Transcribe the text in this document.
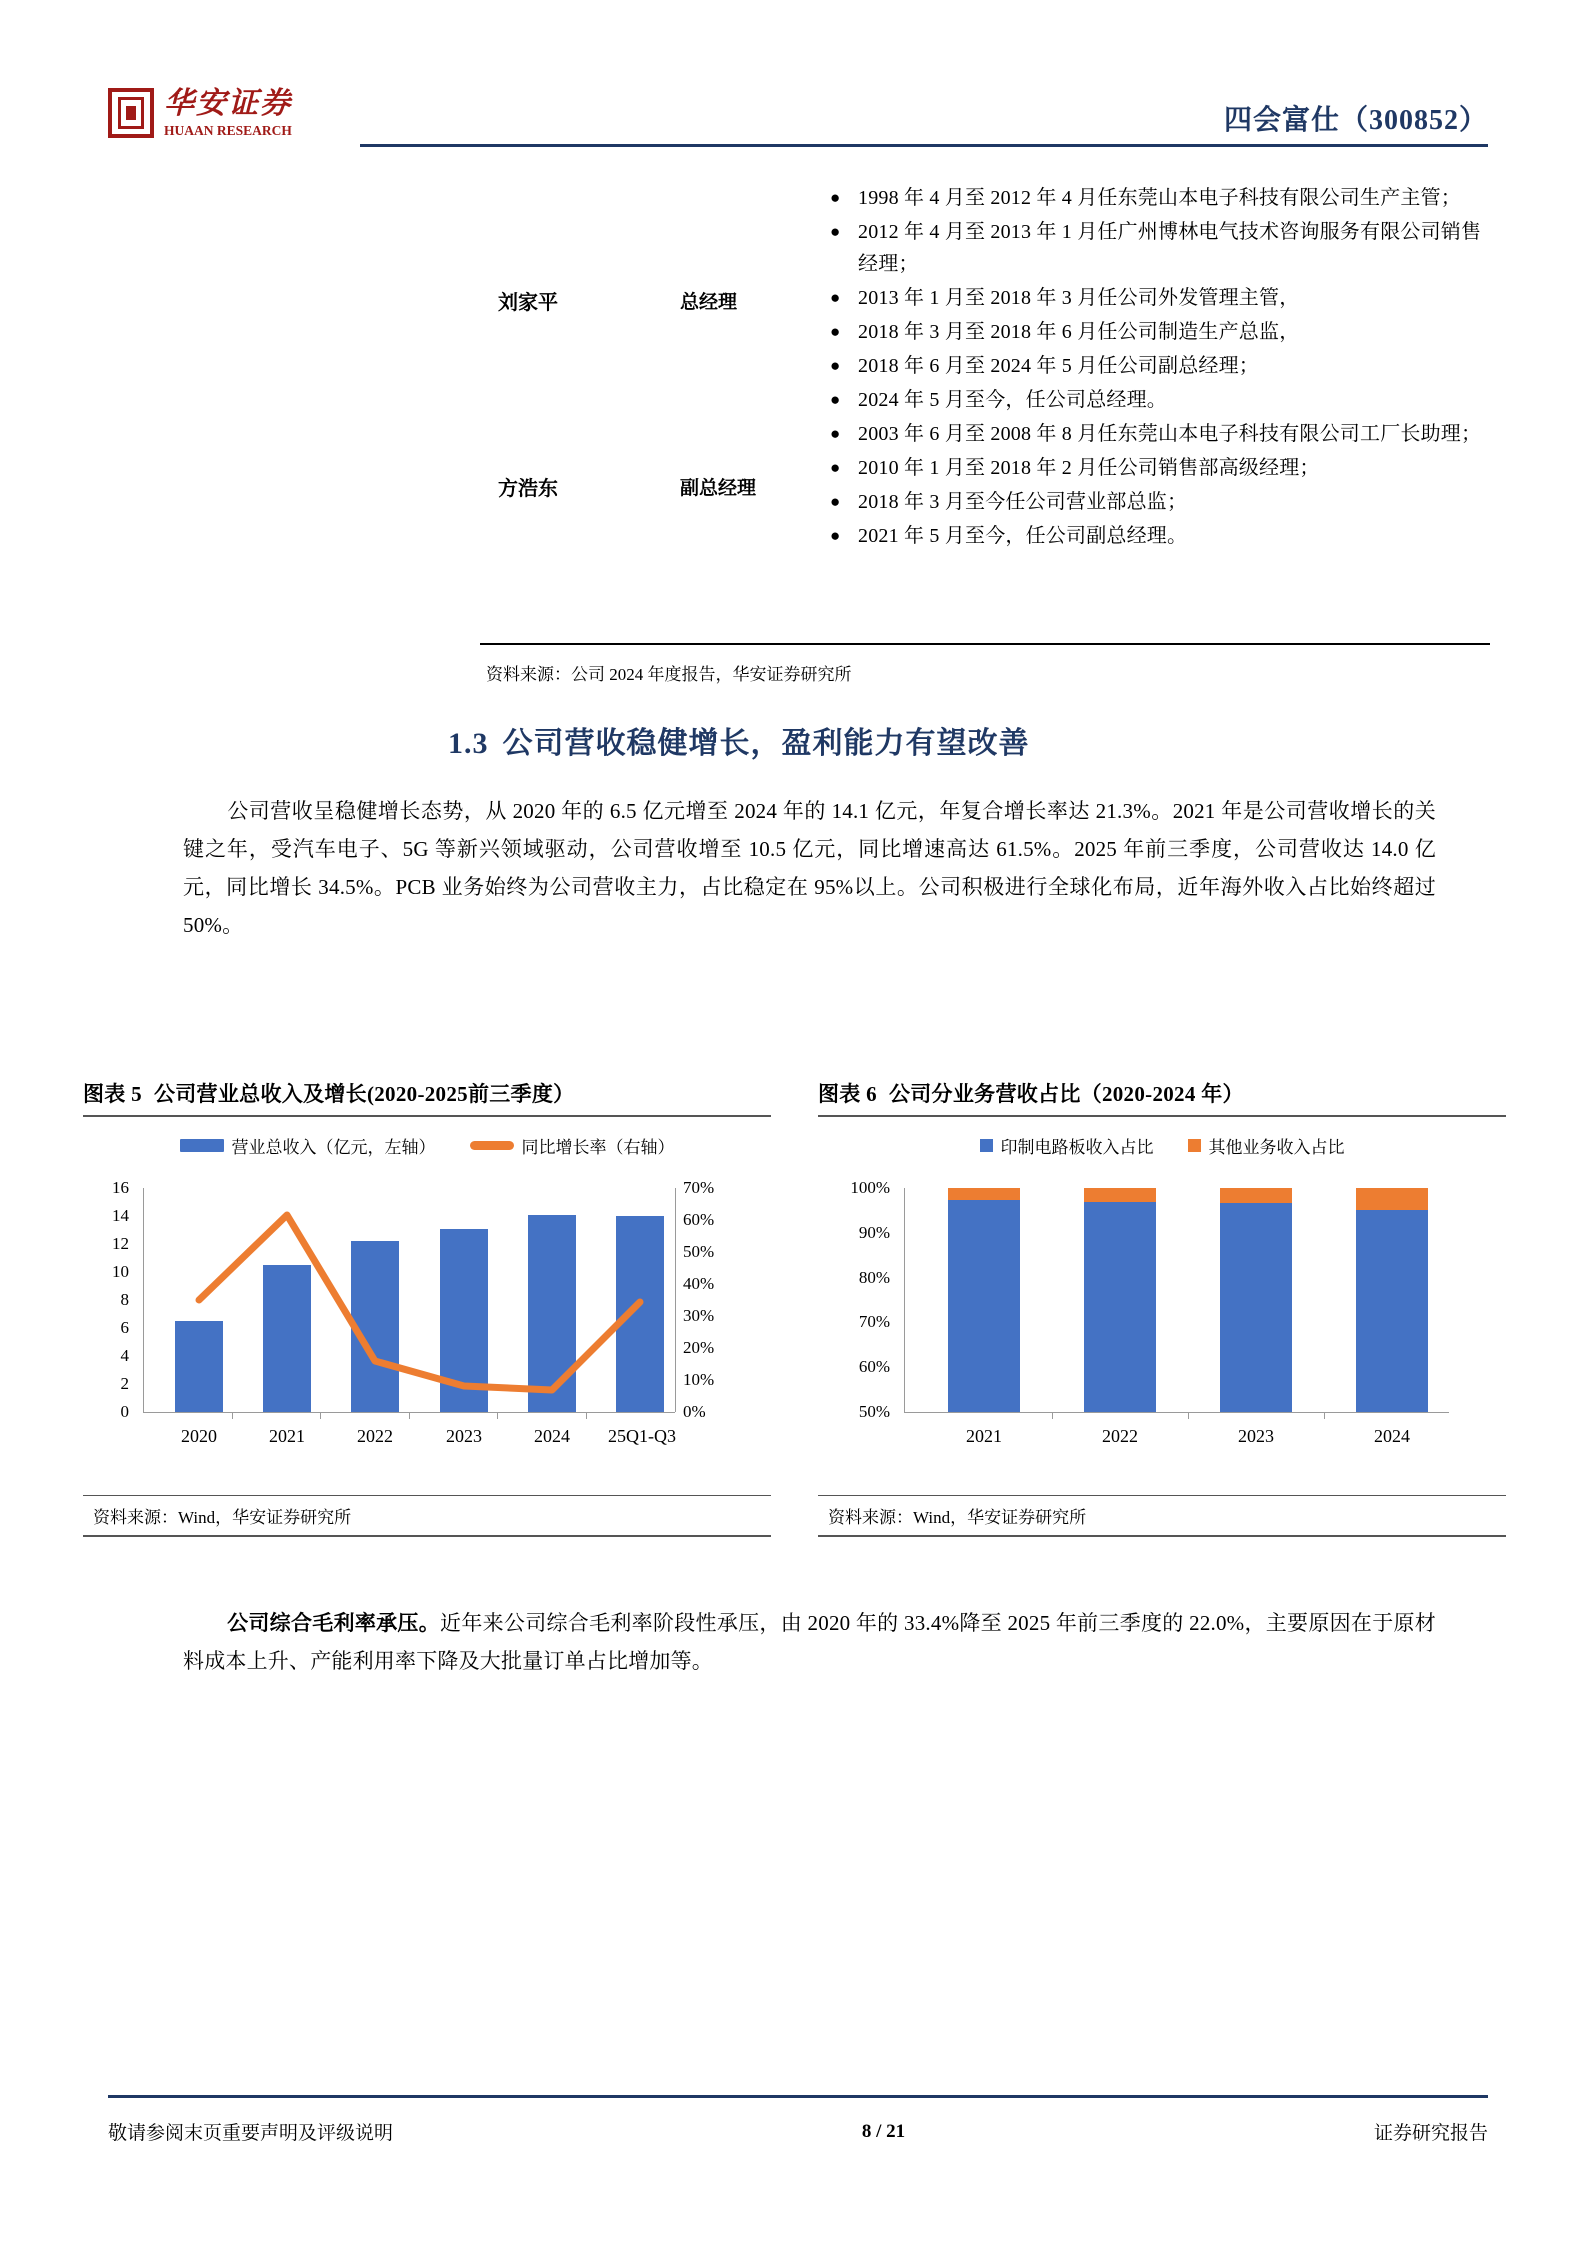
华安证券
HUAAN RESEARCH	四会富仕（300852）
刘家平	总经理
● 1998 年 4 月至 2012 年 4 月任东莞山本电子科技有限公司生产主管；
● 2012 年 4 月至 2013 年 1 月任广州博林电气技术咨询服务有限公司销售经理；
● 2013 年 1 月至 2018 年 3 月任公司外发管理主管，
● 2018 年 3 月至 2018 年 6 月任公司制造生产总监，
● 2018 年 6 月至 2024 年 5 月任公司副总经理；
● 2024 年 5 月至今，任公司总经理。
方浩东	副总经理
● 2003 年 6 月至 2008 年 8 月任东莞山本电子科技有限公司工厂长助理；
● 2010 年 1 月至 2018 年 2 月任公司销售部高级经理；
● 2018 年 3 月至今任公司营业部总监；
● 2021 年 5 月至今，任公司副总经理。
资料来源：公司 2024 年度报告，华安证券研究所
1.3 公司营收稳健增长，盈利能力有望改善
公司营收呈稳健增长态势，从 2020 年的 6.5 亿元增至 2024 年的 14.1 亿元，年复合增长率达 21.3%。2021 年是公司营收增长的关键之年，受汽车电子、5G 等新兴领域驱动，公司营收增至 10.5 亿元，同比增速高达 61.5%。2025 年前三季度，公司营收达 14.0 亿元，同比增长 34.5%。PCB 业务始终为公司营收主力，占比稳定在 95%以上。公司积极进行全球化布局，近年海外收入占比始终超过 50%。
图表 5 公司营业总收入及增长(2020-2025前三季度）
营业总收入（亿元，左轴）	同比增长率（右轴）
16
14
12
10
8
6
4
2
0
70%
60%
50%
40%
30%
20%
10%
0%
2020	2021	2022	2023	2024 25Q1-Q3
资料来源：Wind，华安证券研究所
图表 6 公司分业务营收占比（2020-2024 年）
印制电路板收入占比	其他业务收入占比
100%
90%
80%
70%
60%
50%
2021	2022	2023	2024
资料来源：Wind，华安证券研究所
公司综合毛利率承压。近年来公司综合毛利率阶段性承压，由 2020 年的 33.4%降至 2025 年前三季度的 22.0%，主要原因在于原材料成本上升、产能利用率下降及大批量订单占比增加等。
敬请参阅末页重要声明及评级说明	8 / 21	证券研究报告
